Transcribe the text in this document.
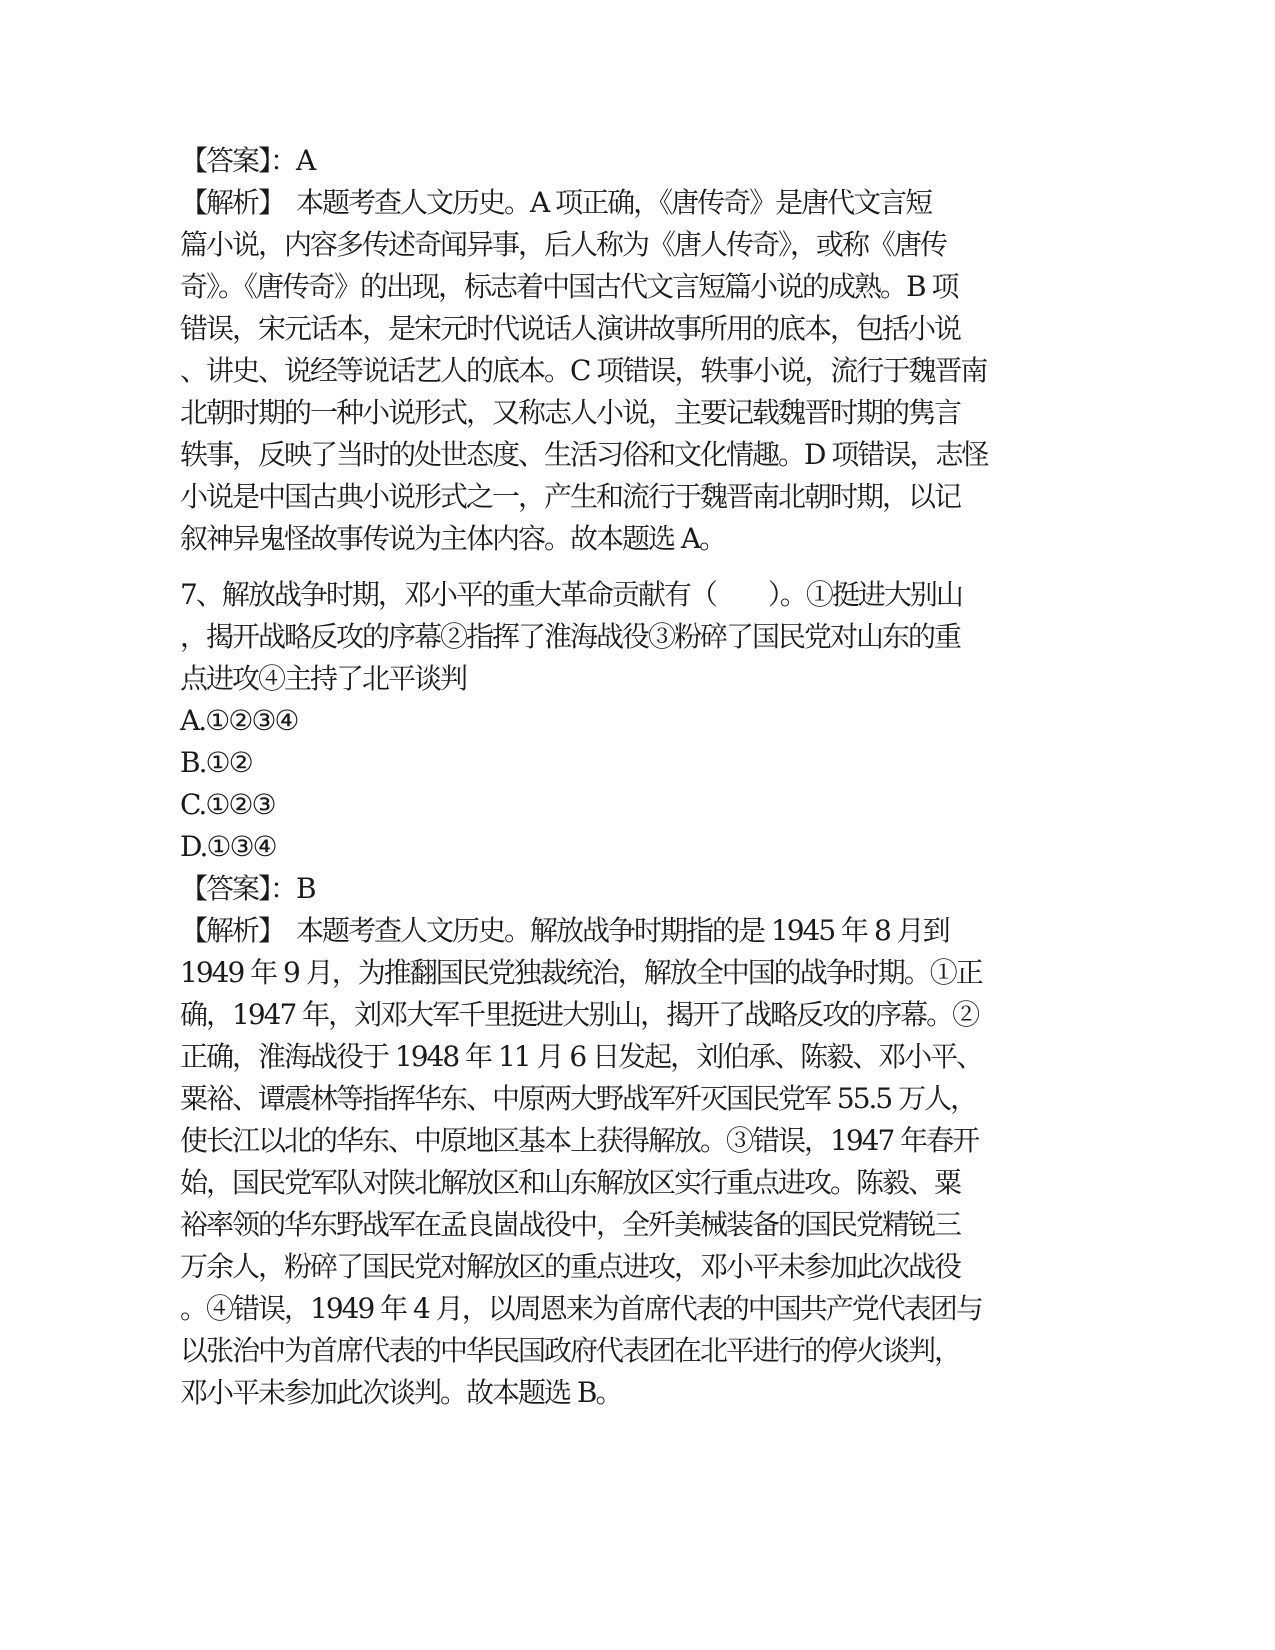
【答案】：A
【解析】　本题考查人文历史。A 项正确，《唐传奇》是唐代文言短
篇小说，内容多传述奇闻异事，后人称为《唐人传奇》，或称《唐传
奇》。《唐传奇》的出现，标志着中国古代文言短篇小说的成熟。B 项
错误，宋元话本，是宋元时代说话人演讲故事所用的底本，包括小说
、讲史、说经等说话艺人的底本。C 项错误，轶事小说，流行于魏晋南
北朝时期的一种小说形式，又称志人小说，主要记载魏晋时期的隽言
轶事，反映了当时的处世态度、生活习俗和文化情趣。D 项错误，志怪
小说是中国古典小说形式之一，产生和流行于魏晋南北朝时期，以记
叙神异鬼怪故事传说为主体内容。故本题选 A。
7、解放战争时期，邓小平的重大革命贡献有（　　）。①挺进大别山
，揭开战略反攻的序幕②指挥了淮海战役③粉碎了国民党对山东的重
点进攻④主持了北平谈判
A.①②③④
B.①②
C.①②③
D.①③④
【答案】：B
【解析】　本题考查人文历史。解放战争时期指的是 1945 年 8 月到
1949 年 9 月，为推翻国民党独裁统治，解放全中国的战争时期。①正
确，1947 年，刘邓大军千里挺进大别山，揭开了战略反攻的序幕。②
正确，淮海战役于 1948 年 11 月 6 日发起，刘伯承、陈毅、邓小平、
粟裕、谭震林等指挥华东、中原两大野战军歼灭国民党军 55.5 万人，
使长江以北的华东、中原地区基本上获得解放。③错误，1947 年春开
始，国民党军队对陕北解放区和山东解放区实行重点进攻。陈毅、粟
裕率领的华东野战军在孟良崮战役中，全歼美械装备的国民党精锐三
万余人，粉碎了国民党对解放区的重点进攻，邓小平未参加此次战役
。④错误，1949 年 4 月，以周恩来为首席代表的中国共产党代表团与
以张治中为首席代表的中华民国政府代表团在北平进行的停火谈判，
邓小平未参加此次谈判。故本题选 B。
